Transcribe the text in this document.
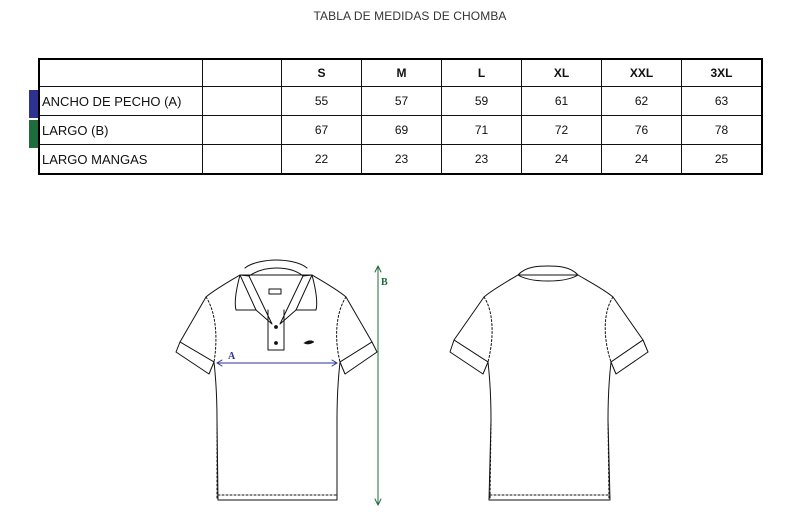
TABLA DE MEDIDAS DE CHOMBA
		S	M	L	XL	XXL	3XL
ANCHO DE PECHO (A)		55	57	59	61	62	63
LARGO (B)		67	69	71	72	76	78
LARGO MANGAS		22	23	23	24	24	25
A
B
